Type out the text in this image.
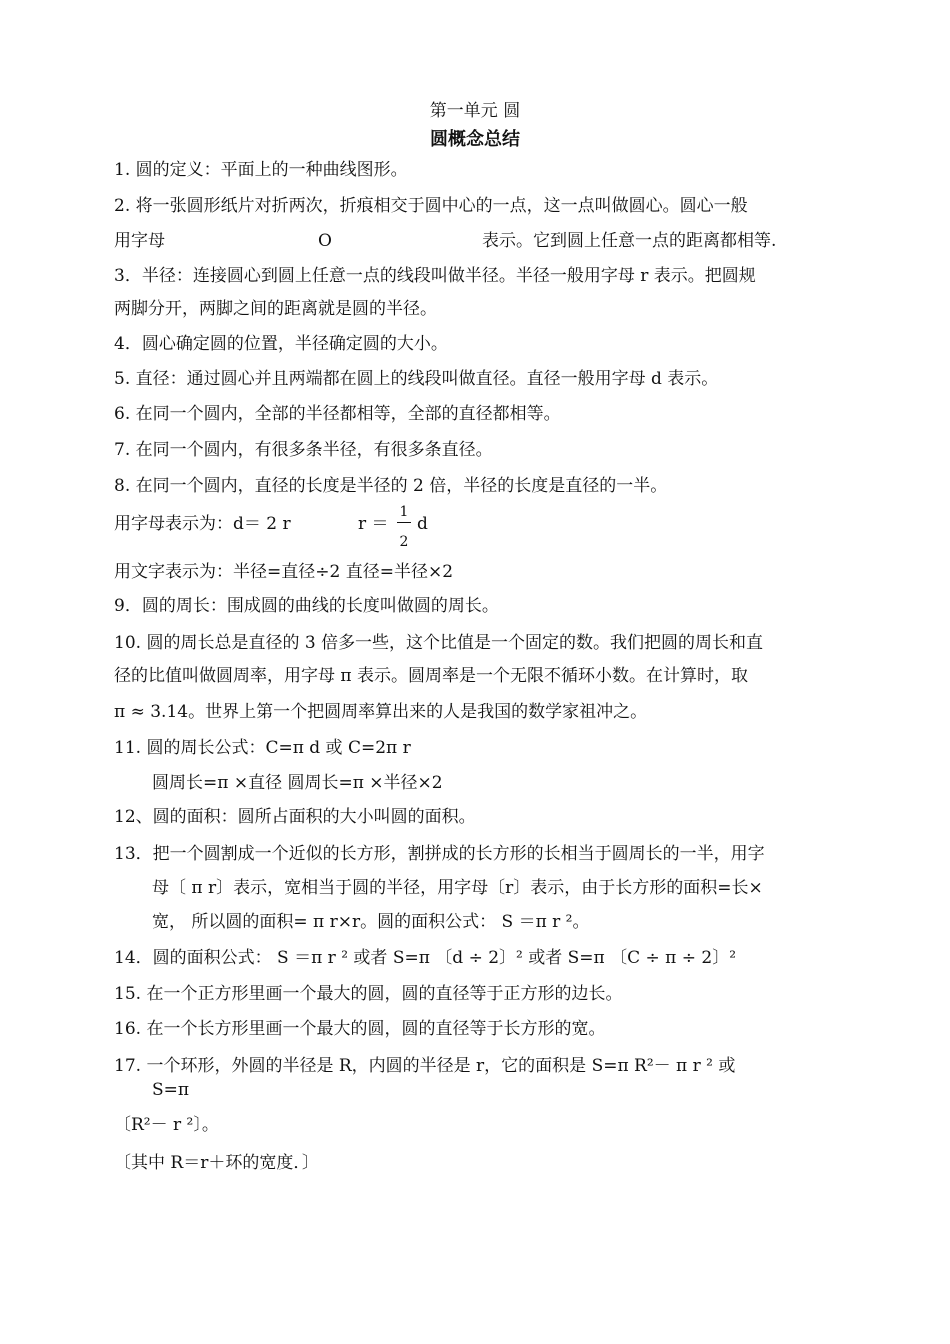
第一单元 圆
圆概念总结
1. 圆的定义：平面上的一种曲线图形。
2. 将一张圆形纸片对折两次，折痕相交于圆中心的一点，这一点叫做圆心。圆心一般
用字母	O	表示。它到圆上任意一点的距离都相等.
3．半径：连接圆心到圆上任意一点的线段叫做半径。半径一般用字母 r 表示。把圆规
两脚分开，两脚之间的距离就是圆的半径。
4．圆心确定圆的位置，半径确定圆的大小。
5. 直径：通过圆心并且两端都在圆上的线段叫做直径。直径一般用字母 d 表示。
6. 在同一个圆内，全部的半径都相等，全部的直径都相等。
7. 在同一个圆内，有很多条半径，有很多条直径。
8. 在同一个圆内，直径的长度是半径的 2 倍，半径的长度是直径的一半。
用字母表示为：d＝ 2 r	r ＝
1
2
d
用文字表示为：半径=直径÷2 直径=半径×2
9．圆的周长：围成圆的曲线的长度叫做圆的周长。
10. 圆的周长总是直径的 3 倍多一些，这个比值是一个固定的数。我们把圆的周长和直
径的比值叫做圆周率，用字母 π 表示。圆周率是一个无限不循环小数。在计算时，取
π ≈ 3.14。世界上第一个把圆周率算出来的人是我国的数学家祖冲之。
11. 圆的周长公式：C=π d 或 C=2π r
圆周长=π ×直径 圆周长=π ×半径×2
12、圆的面积：圆所占面积的大小叫圆的面积。
13．把一个圆割成一个近似的长方形，割拼成的长方形的长相当于圆周长的一半，用字
母〔 π r〕表示，宽相当于圆的半径，用字母〔r〕表示，由于长方形的面积=长×
宽， 所以圆的面积= π r×r。圆的面积公式： S ＝π r ²。
14．圆的面积公式： S ＝π r ² 或者 S=π 〔d ÷ 2〕² 或者 S=π 〔C ÷ π ÷ 2〕²
15. 在一个正方形里画一个最大的圆，圆的直径等于正方形的边长。
16. 在一个长方形里画一个最大的圆，圆的直径等于长方形的宽。
17. 一个环形，外圆的半径是 R，内圆的半径是 r，它的面积是 S=π R²－ π r ² 或
S=π
〔R²－ r ²〕。
〔其中 R＝r＋环的宽度．〕
